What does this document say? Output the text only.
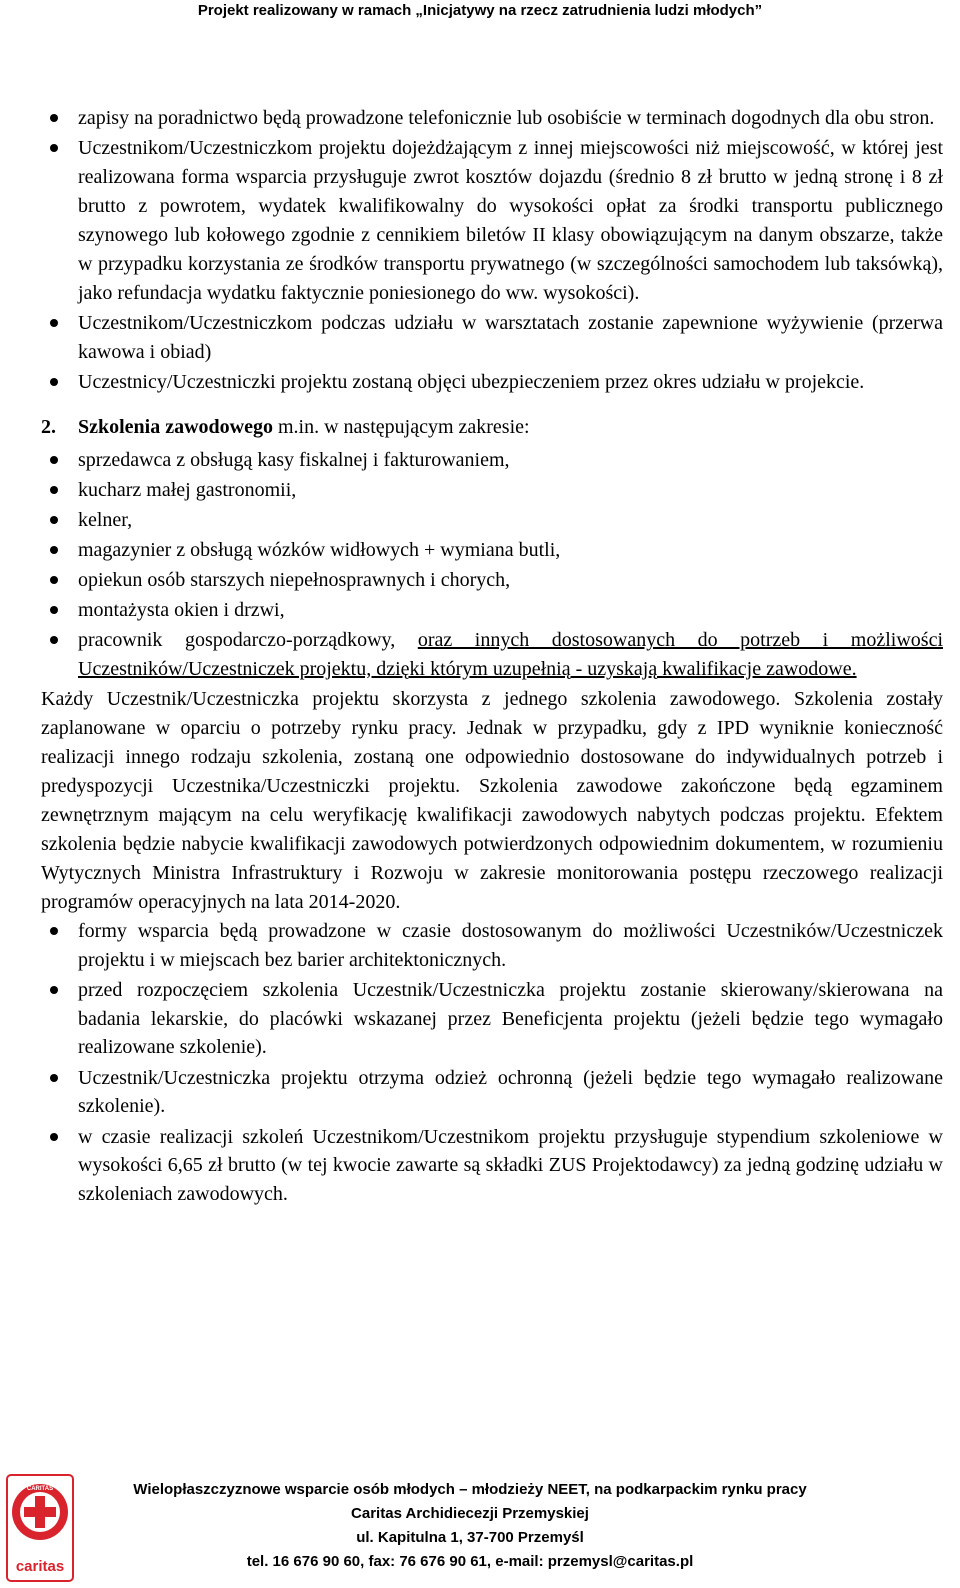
Projekt realizowany w ramach „Inicjatywy na rzecz zatrudnienia ludzi młodych”
zapisy na poradnictwo będą prowadzone telefonicznie lub osobiście w terminach dogodnych dla obu stron.
Uczestnikom/Uczestniczkom projektu dojeżdżającym z innej miejscowości niż miejscowość, w której jest realizowana forma wsparcia przysługuje zwrot kosztów dojazdu (średnio 8 zł brutto w jedną stronę i 8 zł brutto z powrotem, wydatek kwalifikowalny do wysokości opłat za środki transportu publicznego szynowego lub kołowego zgodnie z cennikiem biletów II klasy obowiązującym na danym obszarze, także w przypadku korzystania ze środków transportu prywatnego (w szczególności samochodem lub taksówką), jako refundacja wydatku faktycznie poniesionego do ww. wysokości).
Uczestnikom/Uczestniczkom podczas udziału w warsztatach zostanie zapewnione wyżywienie (przerwa kawowa i obiad)
Uczestnicy/Uczestniczki projektu zostaną objęci ubezpieczeniem przez okres udziału w projekcie.
2. Szkolenia zawodowego m.in. w następującym zakresie:
sprzedawca z obsługą kasy fiskalnej i fakturowaniem,
kucharz małej gastronomii,
kelner,
magazynier z obsługą wózków widłowych + wymiana butli,
opiekun osób starszych niepełnosprawnych i chorych,
montażysta okien i drzwi,
pracownik gospodarczo-porządkowy, oraz innych dostosowanych do potrzeb i możliwości Uczestników/Uczestniczek projektu, dzięki którym uzupełnią - uzyskają kwalifikacje zawodowe.

Każdy Uczestnik/Uczestniczka projektu skorzysta z jednego szkolenia zawodowego. Szkolenia zostały zaplanowane w oparciu o potrzeby rynku pracy. Jednak w przypadku, gdy z IPD wyniknie konieczność realizacji innego rodzaju szkolenia, zostaną one odpowiednio dostosowane do indywidualnych potrzeb i predyspozycji Uczestnika/Uczestniczki projektu. Szkolenia zawodowe zakończone będą egzaminem zewnętrznym mającym na celu weryfikację kwalifikacji zawodowych nabytych podczas projektu. Efektem szkolenia będzie nabycie kwalifikacji zawodowych potwierdzonych odpowiednim dokumentem, w rozumieniu Wytycznych Ministra Infrastruktury i Rozwoju w zakresie monitorowania postępu rzeczowego realizacji programów operacyjnych na lata 2014-2020.

formy wsparcia będą prowadzone w czasie dostosowanym do możliwości Uczestników/Uczestniczek projektu i w miejscach bez barier architektonicznych.
przed rozpoczęciem szkolenia Uczestnik/Uczestniczka projektu zostanie skierowany/skierowana na badania lekarskie, do placówki wskazanej przez Beneficjenta projektu (jeżeli będzie tego wymagało realizowane szkolenie).
Uczestnik/Uczestniczka projektu otrzyma odzież ochronną (jeżeli będzie tego wymagało realizowane szkolenie).
w czasie realizacji szkoleń Uczestnikom/Uczestnikom projektu przysługuje stypendium szkoleniowe w wysokości 6,65 zł brutto (w tej kwocie zawarte są składki ZUS Projektodawcy) za jedną godzinę udziału w szkoleniach zawodowych.
CARITAS
caritas
Wielopłaszczyznowe wsparcie osób młodych – młodzieży NEET, na podkarpackim rynku pracy
Caritas Archidiecezji Przemyskiej
ul. Kapitulna 1, 37-700 Przemyśl
tel. 16 676 90 60, fax: 76 676 90 61, e-mail: przemysl@caritas.pl
